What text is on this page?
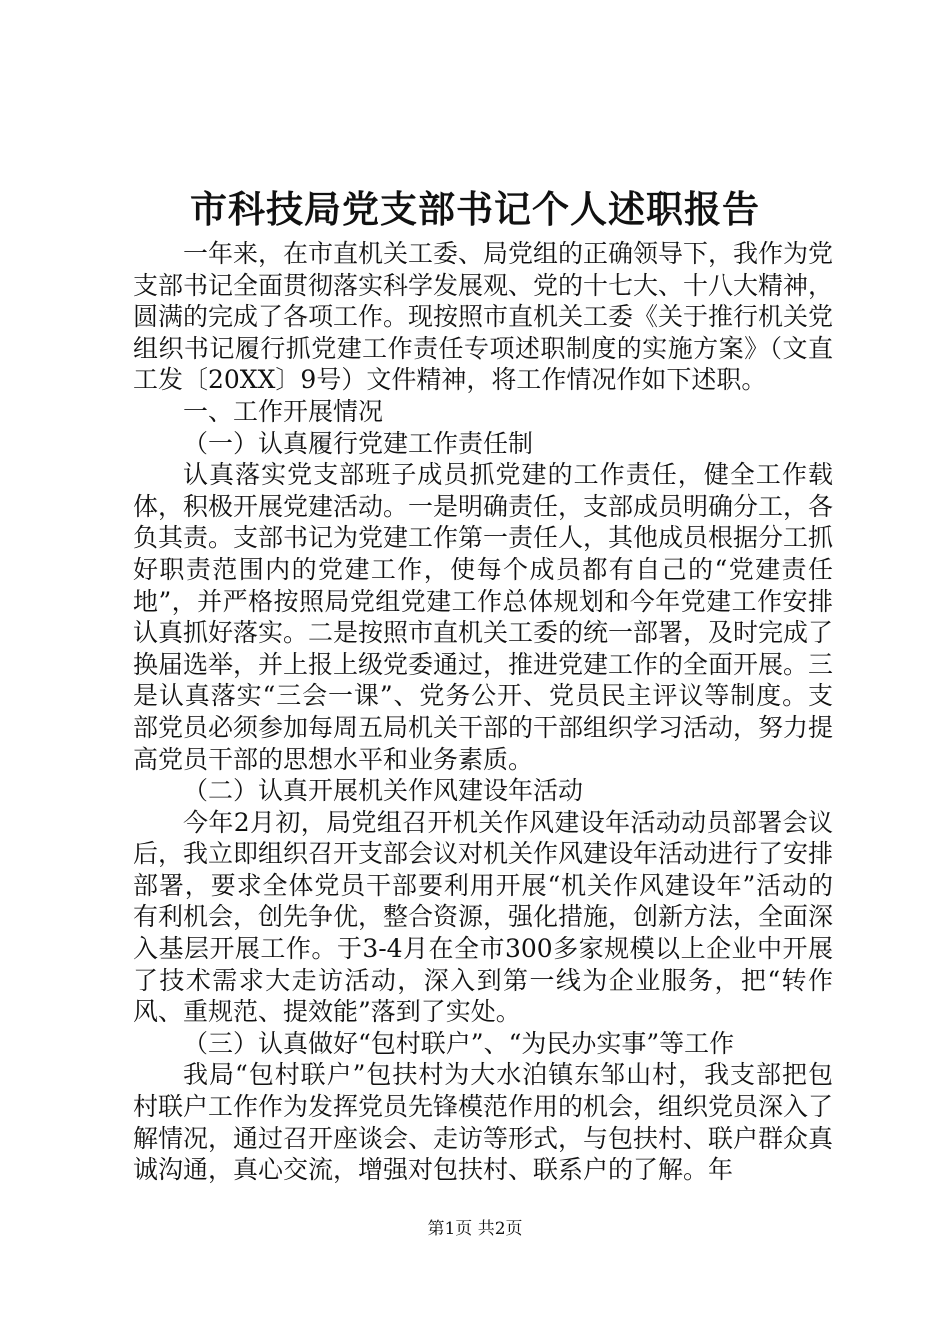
市科技局党支部书记个人述职报告

一年来，在市直机关工委、局党组的正确领导下，我作为党支部书记全面贯彻落实科学发展观、党的十七大、十八大精神，圆满的完成了各项工作。现按照市直机关工委《关于推行机关党组织书记履行抓党建工作责任专项述职制度的实施方案》（文直工发〔20XX〕9号）文件精神，将工作情况作如下述职。

一、工作开展情况

（一）认真履行党建工作责任制

认真落实党支部班子成员抓党建的工作责任，健全工作载体，积极开展党建活动。一是明确责任，支部成员明确分工，各负其责。支部书记为党建工作第一责任人，其他成员根据分工抓好职责范围内的党建工作，使每个成员都有自己的“党建责任地”，并严格按照局党组党建工作总体规划和今年党建工作安排认真抓好落实。二是按照市直机关工委的统一部署，及时完成了换届选举，并上报上级党委通过，推进党建工作的全面开展。三是认真落实“三会一课”、党务公开、党员民主评议等制度。支部党员必须参加每周五局机关干部的干部组织学习活动，努力提高党员干部的思想水平和业务素质。

（二）认真开展机关作风建设年活动

今年2月初，局党组召开机关作风建设年活动动员部署会议后，我立即组织召开支部会议对机关作风建设年活动进行了安排部署，要求全体党员干部要利用开展“机关作风建设年”活动的有利机会，创先争优，整合资源，强化措施，创新方法，全面深入基层开展工作。于3-4月在全市300多家规模以上企业中开展了技术需求大走访活动，深入到第一线为企业服务，把“转作风、重规范、提效能”落到了实处。

（三）认真做好“包村联户”、“为民办实事”等工作

我局“包村联户”包扶村为大水泊镇东邹山村，我支部把包村联户工作作为发挥党员先锋模范作用的机会，组织党员深入了解情况，通过召开座谈会、走访等形式，与包扶村、联户群众真诚沟通，真心交流，增强对包扶村、联系户的了解。年

第1页 共2页
